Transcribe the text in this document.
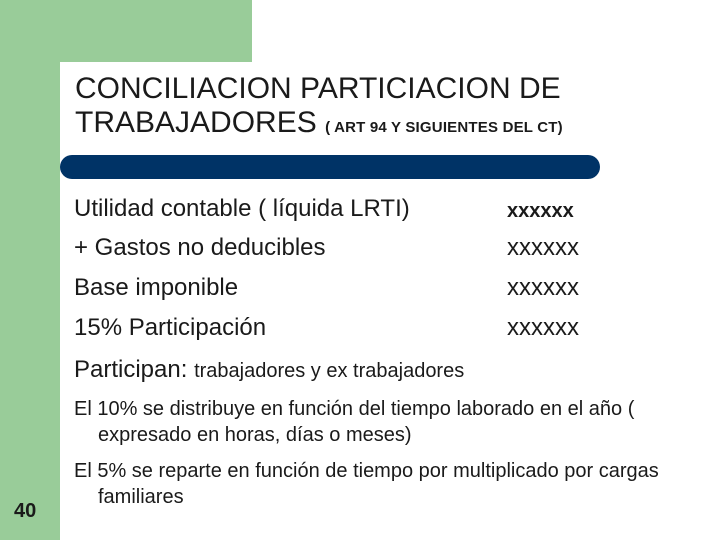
CONCILIACION PARTICIACION DE
TRABAJADORES ( ART 94 Y SIGUIENTES DEL CT)
Utilidad contable ( líquida LRTI)	xxxxxx
+ Gastos no deducibles	xxxxxx
Base imponible	xxxxxx
15% Participación	xxxxxx
Participan: trabajadores y ex trabajadores
El 10% se distribuye en función del tiempo laborado en el año ( expresado en horas, días o meses)
El 5% se reparte en función de tiempo por multiplicado por cargas familiares
40
